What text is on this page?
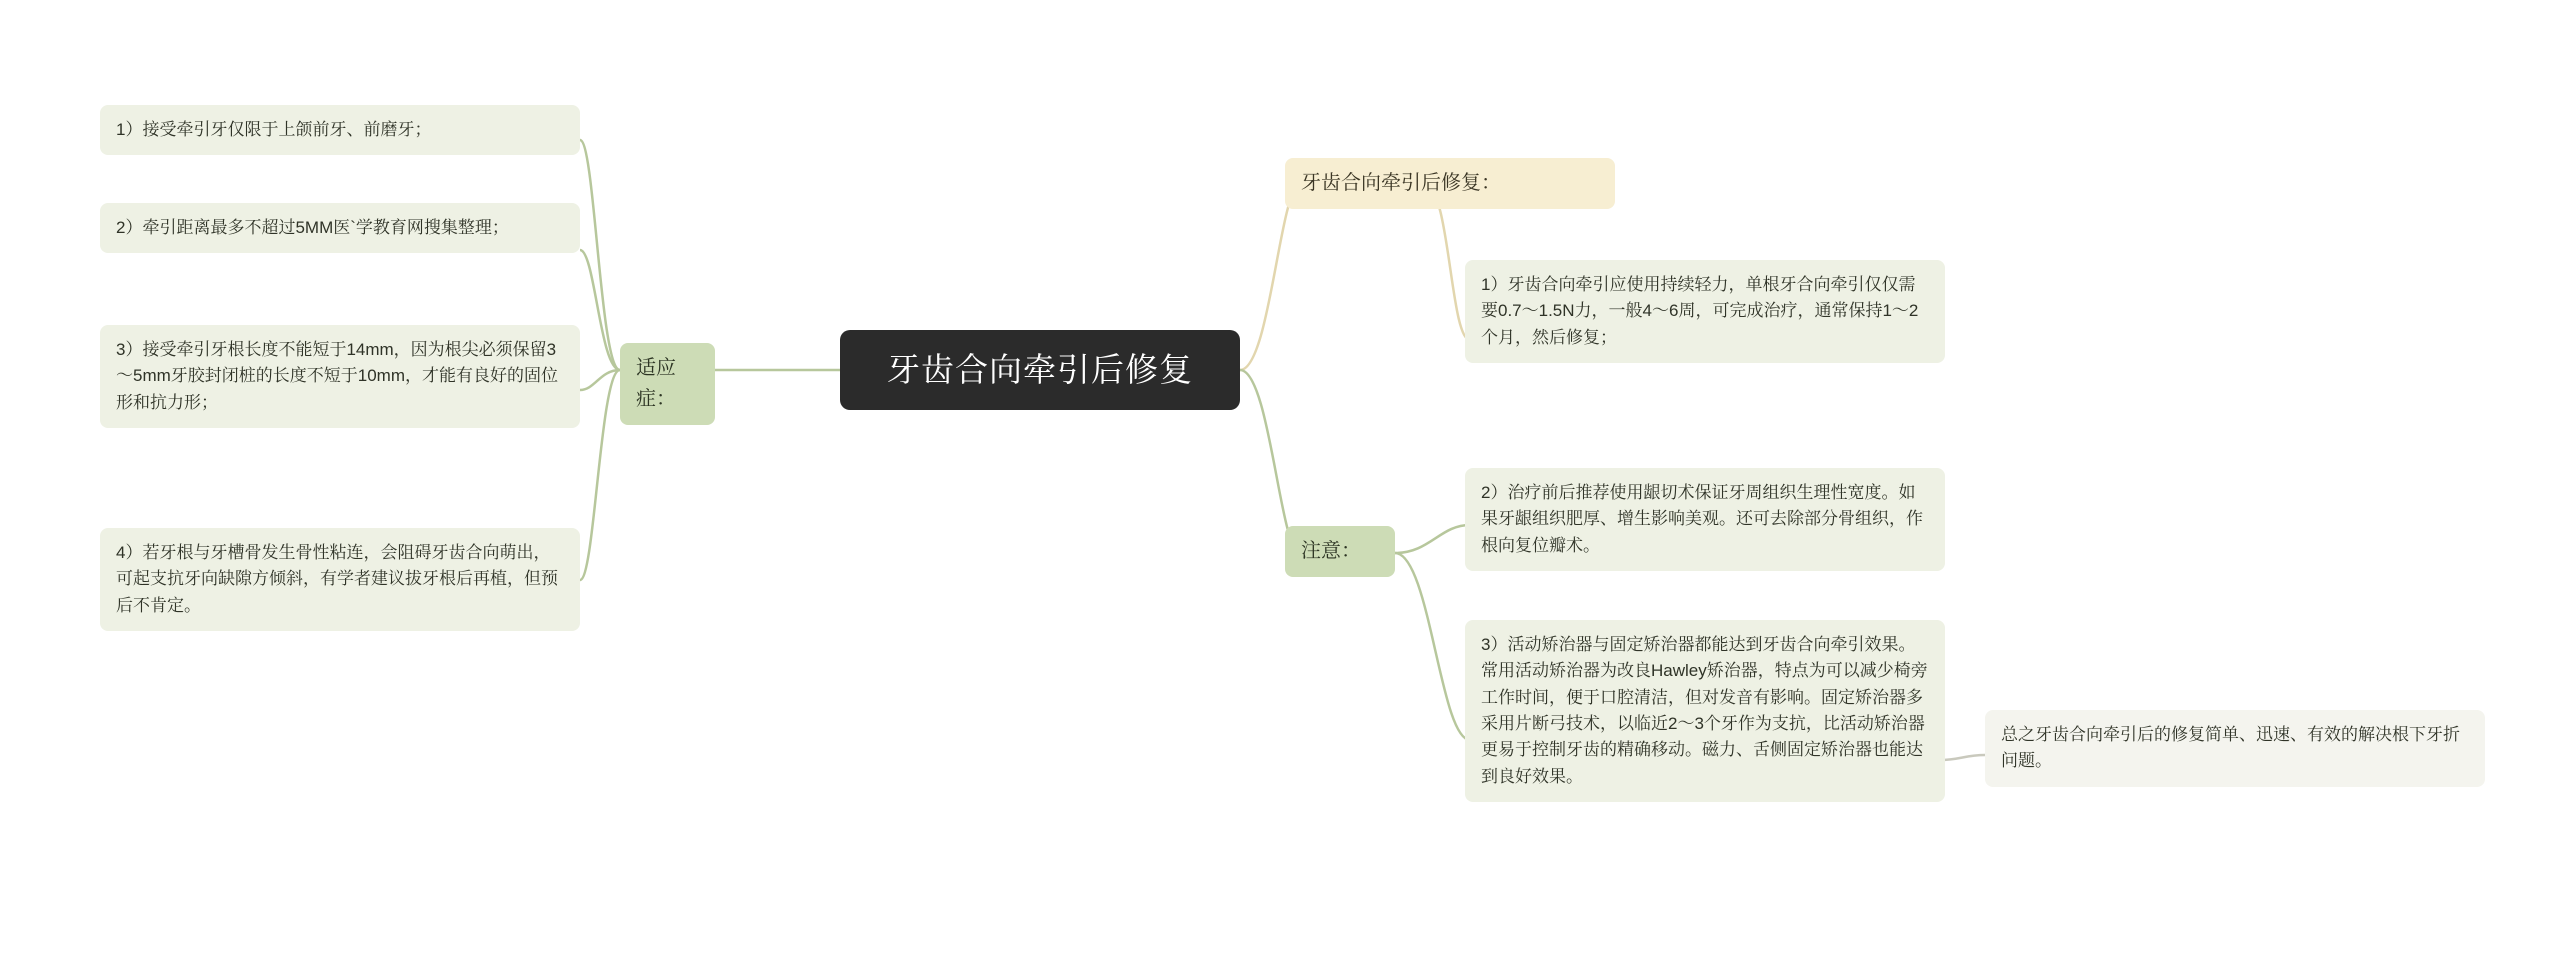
牙齿合向牵引后修复
适应症：
1）接受牵引牙仅限于上颌前牙、前磨牙；
2）牵引距离最多不超过5MM医`学教育网搜集整理；
3）接受牵引牙根长度不能短于14mm，因为根尖必须保留3～5mm牙胶封闭桩的长度不短于10mm，才能有良好的固位形和抗力形；
4）若牙根与牙槽骨发生骨性粘连，会阻碍牙齿合向萌出，可起支抗牙向缺隙方倾斜，有学者建议拔牙根后再植，但预后不肯定。
牙齿合向牵引后修复：
注意：
1）牙齿合向牵引应使用持续轻力，单根牙合向牵引仅仅需要0.7～1.5N力，一般4～6周，可完成治疗，通常保持1～2个月，然后修复；
2）治疗前后推荐使用龈切术保证牙周组织生理性宽度。如果牙龈组织肥厚、增生影响美观。还可去除部分骨组织，作根向复位瓣术。
3）活动矫治器与固定矫治器都能达到牙齿合向牵引效果。常用活动矫治器为改良Hawley矫治器，特点为可以减少椅旁工作时间，便于口腔清洁，但对发音有影响。固定矫治器多采用片断弓技术，以临近2～3个牙作为支抗，比活动矫治器更易于控制牙齿的精确移动。磁力、舌侧固定矫治器也能达到良好效果。
总之牙齿合向牵引后的修复简单、迅速、有效的解决根下牙折问题。
